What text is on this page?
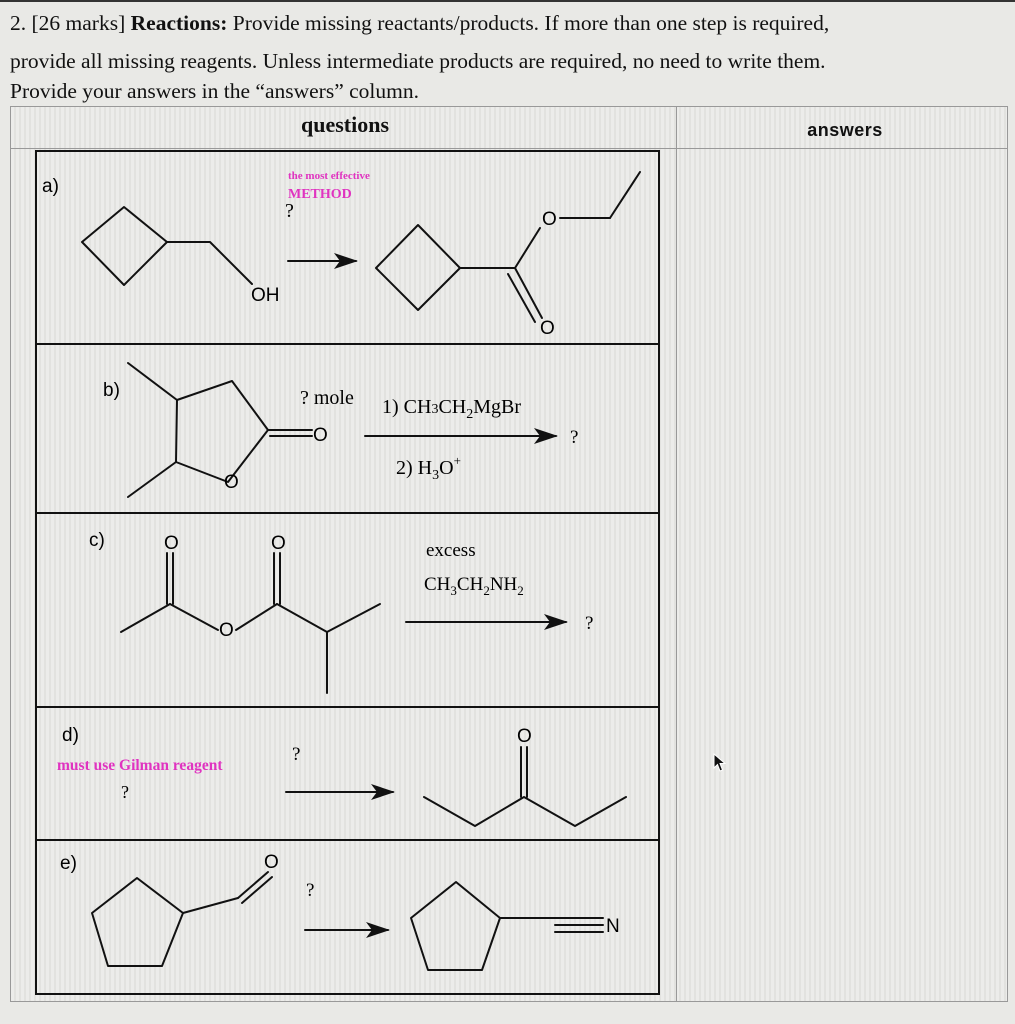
2. [26 marks] Reactions: Provide missing reactants/products. If more than one step is required,
provide all missing reagents. Unless intermediate products are required, no need to write them.
Provide your answers in the “answers” column.
questions	answers
a)	the most effective
METHOD
?
OH
O
O
b)	? mole 1) $CH3CH_2MgBr$
2) $H_3O^+$
?
O
O
c)	O	O
O
excess
$CH_3CH_2NH_2$
?
d)
must use Gilman reagent
?
?
O
e)	O
?
N
